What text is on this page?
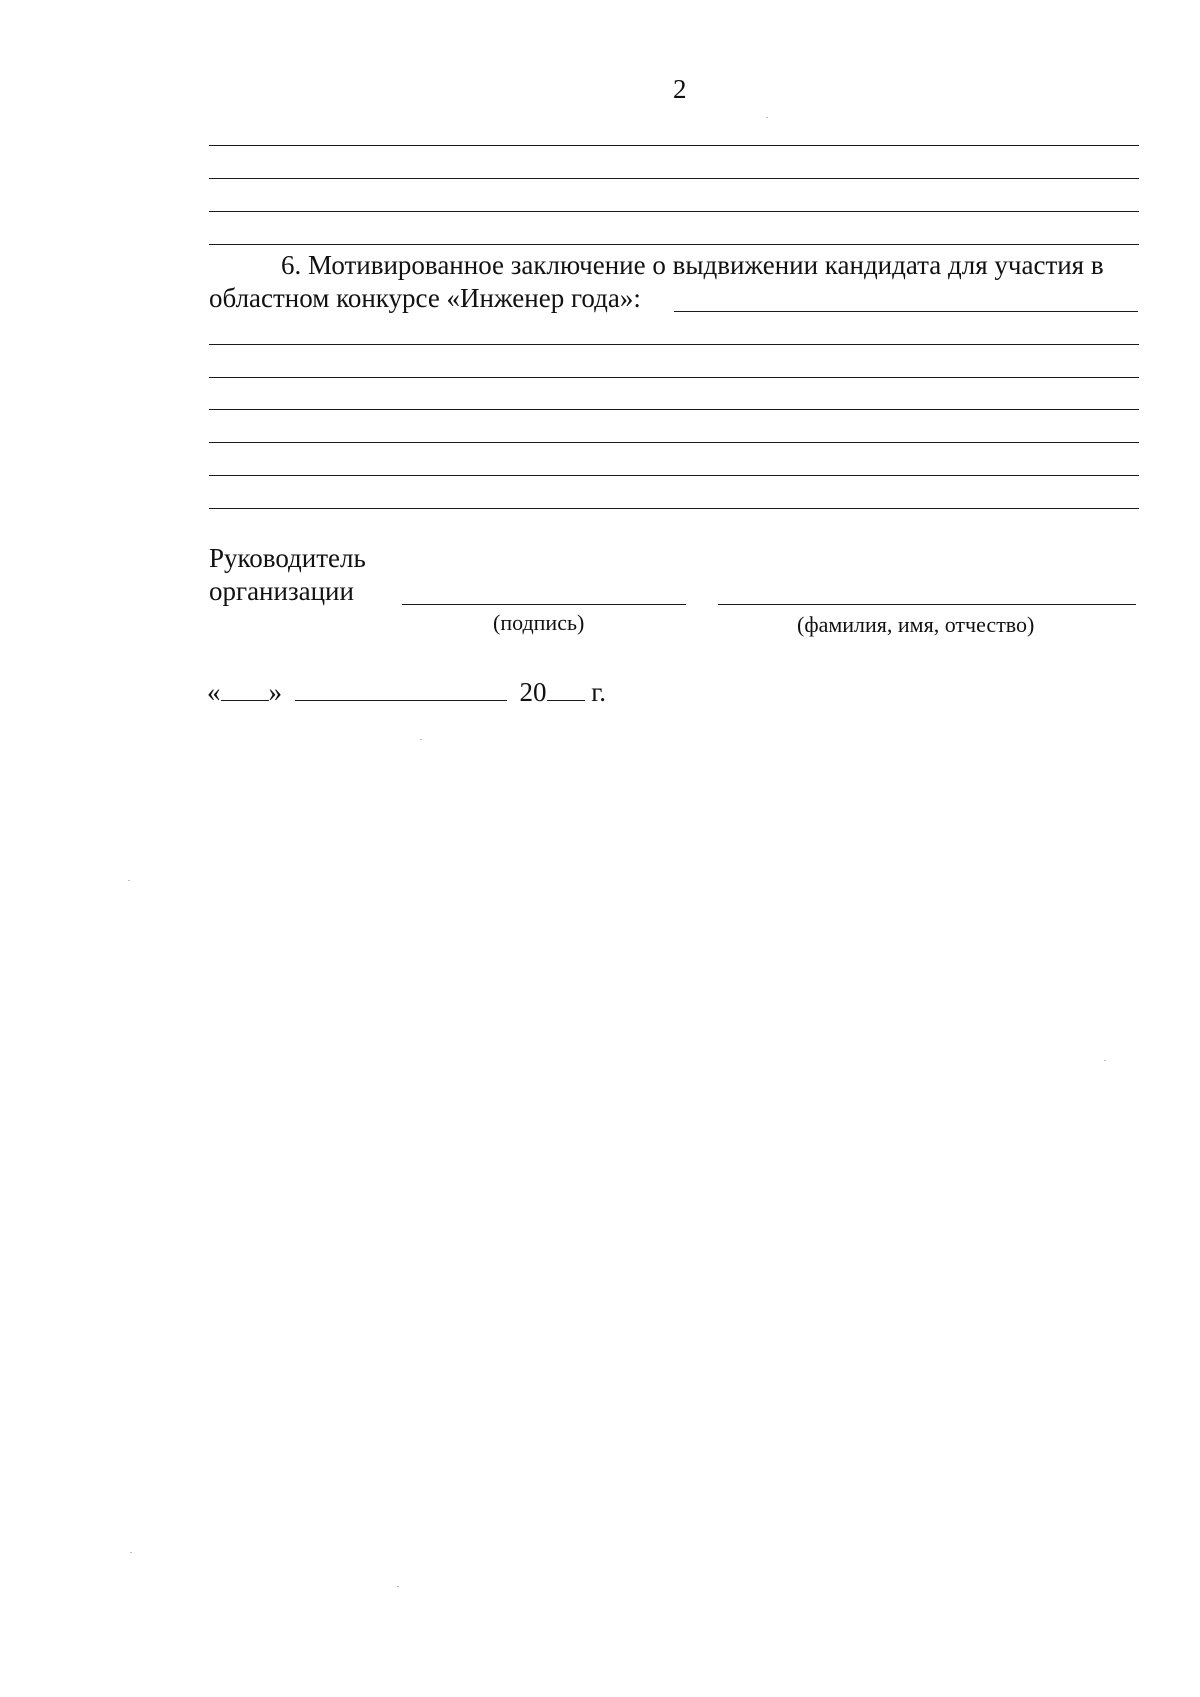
2
6. Мотивированное заключение о выдвижении кандидата для участия в
областном конкурсе «Инженер года»:
Руководитель
организации
(подпись)	(фамилия, имя, отчество)
« »	20 г.
